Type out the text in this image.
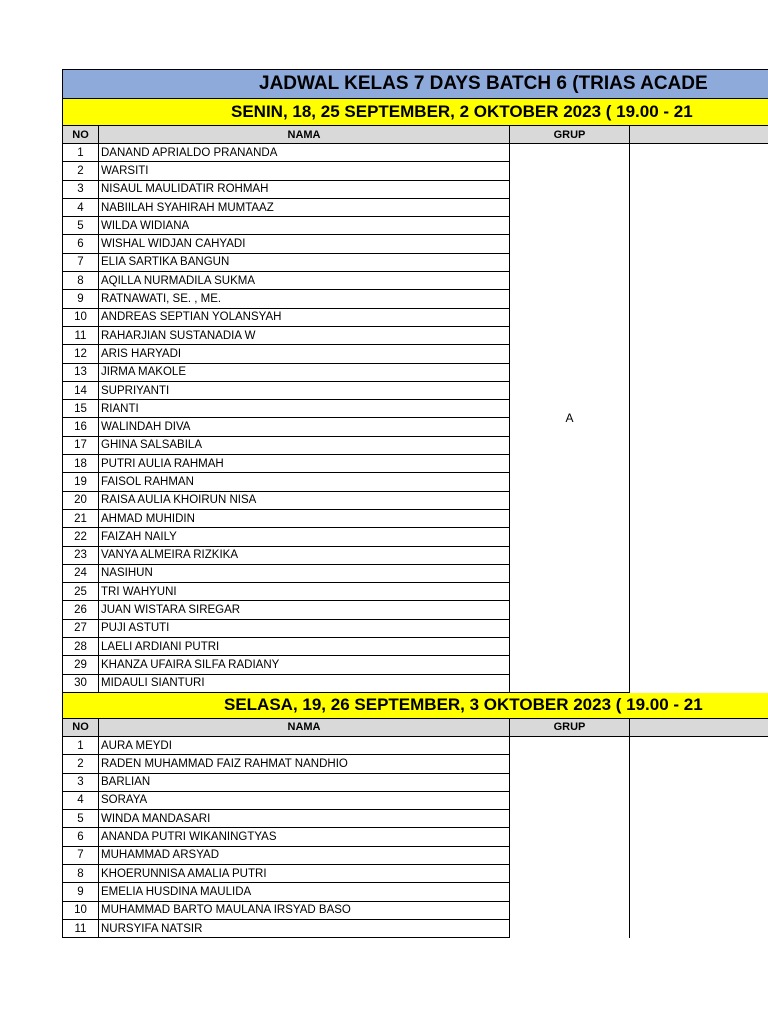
JADWAL KELAS 7 DAYS BATCH 6 (TRIAS ACADE
SENIN, 18, 25 SEPTEMBER, 2 OKTOBER 2023 ( 19.00 - 21
NO	NAMA	GRUP
1	DANAND APRIALDO PRANANDA
2	WARSITI
3	NISAUL MAULIDATIR ROHMAH
4	NABIILAH SYAHIRAH MUMTAAZ
5	WILDA WIDIANA
6	WISHAL WIDJAN CAHYADI
7	ELIA SARTIKA BANGUN
8	AQILLA NURMADILA SUKMA
9	RATNAWATI, SE. , ME.
10	ANDREAS SEPTIAN YOLANSYAH
11	RAHARJIAN SUSTANADIA W
12	ARIS HARYADI
13	JIRMA MAKOLE
14	SUPRIYANTI
15	RIANTI
16	WALINDAH DIVA
17	GHINA SALSABILA
18	PUTRI AULIA RAHMAH
19	FAISOL RAHMAN
20	RAISA AULIA KHOIRUN NISA
21	AHMAD MUHIDIN
22	FAIZAH NAILY
23	VANYA ALMEIRA RIZKIKA
24	NASIHUN
25	TRI WAHYUNI
26	JUAN WISTARA SIREGAR
27	PUJI ASTUTI
28	LAELI ARDIANI PUTRI
29	KHANZA UFAIRA SILFA RADIANY
30	MIDAULI SIANTURI
A
SELASA, 19, 26 SEPTEMBER, 3 OKTOBER 2023 ( 19.00 - 21
NO	NAMA	GRUP
1	AURA MEYDI
2	RADEN MUHAMMAD FAIZ RAHMAT NANDHIO
3	BARLIAN
4	SORAYA
5	WINDA MANDASARI
6	ANANDA PUTRI WIKANINGTYAS
7	MUHAMMAD ARSYAD
8	KHOERUNNISA AMALIA PUTRI
9	EMELIA HUSDINA MAULIDA
10	MUHAMMAD BARTO MAULANA IRSYAD BASO
11	NURSYIFA NATSIR
